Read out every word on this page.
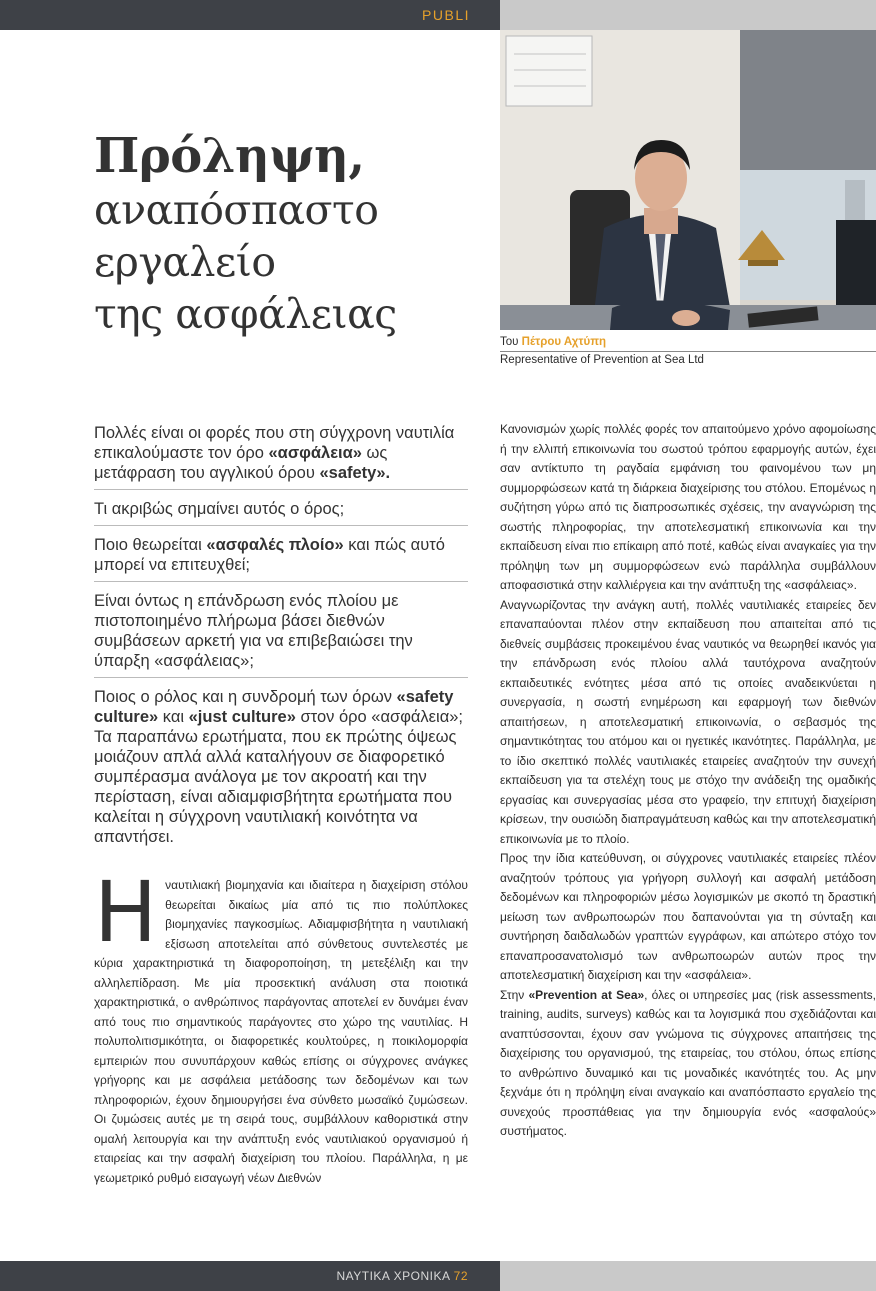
PUBLI
Πρόληψη,
αναπόσπαστο
εργαλείο
της ασφάλειας
Του Πέτρου Αχτύπη
Representative of Prevention at Sea Ltd
Πολλές είναι οι φορές που στη σύγχρονη ναυτιλία επικαλούμαστε τον όρο «ασφάλεια» ως μετάφραση του αγγλικού όρου «safety».
Τι ακριβώς σημαίνει αυτός ο όρος;
Ποιο θεωρείται «ασφαλές πλοίο» και πώς αυτό μπορεί να επιτευχθεί;
Είναι όντως η επάνδρωση ενός πλοίου με πιστοποιημένο πλήρωμα βάσει διεθνών συμβάσεων αρκετή για να επιβεβαιώσει την ύπαρξη «ασφάλειας»;
Ποιος ο ρόλος και η συνδρομή των όρων «safety culture» και «just culture» στον όρο «ασφάλεια»; Τα παραπάνω ερωτήματα, που εκ πρώτης όψεως μοιάζουν απλά αλλά καταλήγουν σε διαφορετικό συμπέρασμα ανάλογα με τον ακροατή και την περίσταση, είναι αδιαμφισβήτητα ερωτήματα που καλείται η σύγχρονη ναυτιλιακή κοινότητα να απαντήσει.
Η ναυτιλιακή βιομηχανία και ιδιαίτερα η διαχείριση στόλου θεωρείται δικαίως μία από τις πιο πολύπλοκες βιομηχανίες παγκοσμίως. Αδιαμφισβήτητα η ναυτιλιακή εξίσωση αποτελείται από σύνθετους συντελεστές με κύρια χαρακτηριστικά τη διαφοροποίηση, τη μετεξέλιξη και την αλληλεπίδραση. Με μία προσεκτική ανάλυση στα ποιοτικά χαρακτηριστικά, ο ανθρώπινος παράγοντας αποτελεί εν δυνάμει έναν από τους πιο σημαντικούς παράγοντες στο χώρο της ναυτιλίας. Η πολυπολιτισμικότητα, οι διαφορετικές κουλτούρες, η ποικιλομορφία εμπειριών που συνυπάρχουν καθώς επίσης οι σύγχρονες ανάγκες γρήγορης και με ασφάλεια μετάδοσης των δεδομένων και των πληροφοριών, έχουν δημιουργήσει ένα σύνθετο μωσαϊκό ζυμώσεων. Οι ζυμώσεις αυτές με τη σειρά τους, συμβάλλουν καθοριστικά στην ομαλή λειτουργία και την ανάπτυξη ενός ναυτιλιακού οργανισμού ή εταιρείας και την ασφαλή διαχείριση του πλοίου. Παράλληλα, η με γεωμετρικό ρυθμό εισαγωγή νέων Διεθνών

Κανονισμών χωρίς πολλές φορές τον απαιτούμενο χρόνο αφομοίωσης ή την ελλιπή επικοινωνία του σωστού τρόπου εφαρμογής αυτών, έχει σαν αντίκτυπο τη ραγδαία εμφάνιση του φαινομένου των μη συμμορφώσεων κατά τη διάρκεια διαχείρισης του στόλου. Επομένως η συζήτηση γύρω από τις διαπροσωπικές σχέσεις, την αναγνώριση της σωστής πληροφορίας, την αποτελεσματική επικοινωνία και την εκπαίδευση είναι πιο επίκαιρη από ποτέ, καθώς είναι αναγκαίες για την πρόληψη των μη συμμορφώσεων ενώ παράλληλα συμβάλλουν αποφασιστικά στην καλλιέργεια και την ανάπτυξη της «ασφάλειας».

Αναγνωρίζοντας την ανάγκη αυτή, πολλές ναυτιλιακές εταιρείες δεν επαναπαύονται πλέον στην εκπαίδευση που απαιτείται από τις διεθνείς συμβάσεις προκειμένου ένας ναυτικός να θεωρηθεί ικανός για την επάνδρωση ενός πλοίου αλλά ταυτόχρονα αναζητούν εκπαιδευτικές ενότητες μέσα από τις οποίες αναδεικνύεται η συνεργασία, η σωστή ενημέρωση και εφαρμογή των διεθνών απαιτήσεων, η αποτελεσματική επικοινωνία, ο σεβασμός της σημαντικότητας του ατόμου και οι ηγετικές ικανότητες. Παράλληλα, με το ίδιο σκεπτικό πολλές ναυτιλιακές εταιρείες αναζητούν την συνεχή εκπαίδευση για τα στελέχη τους με στόχο την ανάδειξη της ομαδικής εργασίας και συνεργασίας μέσα στο γραφείο, την επιτυχή διαχείριση κρίσεων, την ουσιώδη διαπραγμάτευση καθώς και την αποτελεσματική επικοινωνία με το πλοίο.

Προς την ίδια κατεύθυνση, οι σύγχρονες ναυτιλιακές εταιρείες πλέον αναζητούν τρόπους για γρήγορη συλλογή και ασφαλή μετάδοση δεδομένων και πληροφοριών μέσω λογισμικών με σκοπό τη δραστική μείωση των ανθρωποωρών που δαπανούνται για τη σύνταξη και συντήρηση δαιδαλωδών γραπτών εγγράφων, και απώτερο στόχο τον επαναπροσανατολισμό των ανθρωποωρών αυτών προς την αποτελεσματική διαχείριση και την «ασφάλεια».

Στην «Prevention at Sea», όλες οι υπηρεσίες μας (risk assessments, training, audits, surveys) καθώς και τα λογισμικά που σχεδιάζονται και αναπτύσσονται, έχουν σαν γνώμονα τις σύγχρονες απαιτήσεις της διαχείρισης του οργανισμού, της εταιρείας, του στόλου, όπως επίσης το ανθρώπινο δυναμικό και τις μοναδικές ικανότητές του. Ας μην ξεχνάμε ότι η πρόληψη είναι αναγκαίο και αναπόσπαστο εργαλείο της συνεχούς προσπάθειας για την δημιουργία ενός «ασφαλούς» συστήματος.

ΝΑΥΤΙΚΑ ΧΡΟΝΙΚΑ 72
